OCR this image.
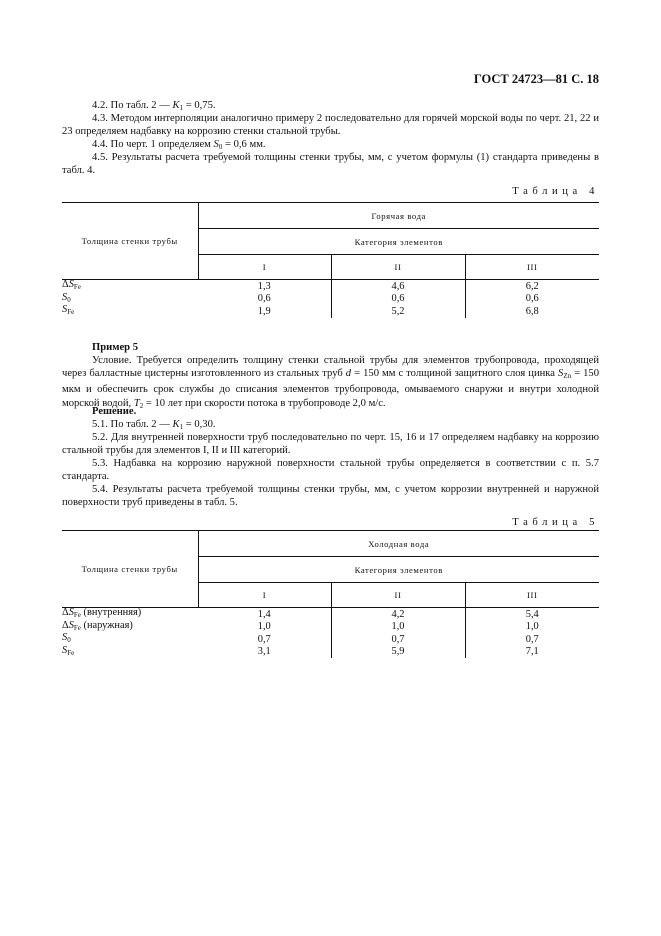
ГОСТ 24723—81 С. 18

4.2. По табл. 2 — $K_1 = 0,75$.

4.3. Методом интерполяции аналогично примеру 2 последовательно для горячей морской воды по черт. 21, 22 и 23 определяем надбавку на коррозию стенки стальной трубы.

4.4. По черт. 1 определяем $S_0 = 0,6$ мм.

4.5. Результаты расчета требуемой толщины стенки трубы, мм, с учетом формулы (1) стандарта приведены в табл. 4.

Таблица 4
Толщина стенки трубы	Горячая вода		
	Категория элементов		
	I	II	III
$\Delta S_{Fe}$	1,3	4,6	6,2
$S_0$	0,6	0,6	0,6
$S_{Fe}$	1,9	5,2	6,8

Пример 5

Условие. Требуется определить толщину стенки стальной трубы для элементов трубопровода, проходящей через балластные цистерны изготовленного из стальных труб d = 150 мм с толщиной защитного слоя цинка $S_{Zn} = 150$ мкм и обеспечить срок службы до списания элементов трубопровода, омываемого снаружи и внутри холодной морской водой, $T_2 = 10$ лет при скорости потока в трубопроводе 2,0 м/с.

Решение.

5.1. По табл. 2 — $K_1 = 0,30$.

5.2. Для внутренней поверхности труб последовательно по черт. 15, 16 и 17 определяем надбавку на коррозию стальной трубы для элементов I, II и III категорий.

5.3. Надбавка на коррозию наружной поверхности стальной трубы определяется в соответствии с п. 5.7 стандарта.

5.4. Результаты расчета требуемой толщины стенки трубы, мм, с учетом коррозии внутренней и наружной поверхности труб приведены в табл. 5.

Таблица 5
Толщина стенки трубы	Холодная вода		
	Категория элементов		
	I	II	III
$\Delta S_{Fe}$ (внутренняя)	1,4	4,2	5,4
$\Delta S_{Fe}$ (наружная)	1,0	1,0	1,0
$S_0$	0,7	0,7	0,7
$S_{Fe}$	3,1	5,9	7,1
